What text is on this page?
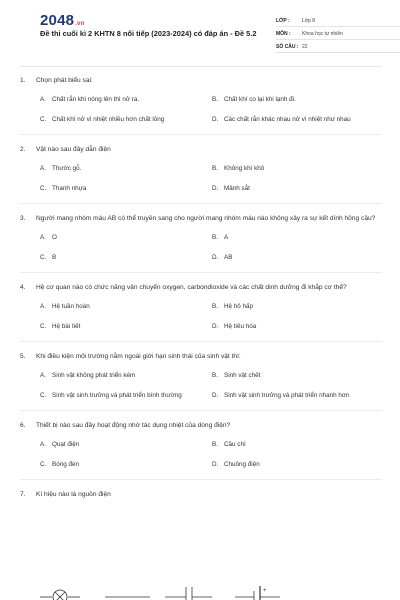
2048.vn
Đề thi cuối kì 2 KHTN 8 nối tiếp (2023-2024) có đáp án - Đề 5.2
LỚP :	Lớp 8
MÔN :	Khoa học tự nhiên
SỐ CÂU : 22
1.	Chọn phát biểu sai:
A. Chất rắn khi nóng lên thì nở ra.	B. Chất khí co lại khi lạnh đi.
C. Chất khí nở vì nhiệt nhiều hơn chất lỏng	D. Các chất rắn khác nhau nở vì nhiệt như nhau
2.	Vật nào sau đây dẫn điện
A. Thước gỗ.	B. Không khí khô
C. Thanh nhựa	D. Mảnh sắt
3.	Người mang nhóm máu AB có thể truyền sang cho người mang nhóm máu nào không xảy ra sự kết dính hồng cầu?
A. O	B. A
C. B	D. AB
4.	Hệ cơ quan nào có chức năng vận chuyển oxygen, carbondioxide và các chất dinh dưỡng đi khắp cơ thể?
A. Hệ tuần hoàn	B. Hệ hô hấp
C. Hệ bài tiết	D. Hệ tiêu hóa
5.	Khi điều kiện môi trường nằm ngoài giới hạn sinh thái của sinh vật thì:
A. Sinh vật không phát triển kém	B. Sinh vật chết
C. Sinh vật sinh trưởng và phát triển bình thường	D. Sinh vật sinh trưởng và phát triển nhanh hơn
6.	Thiết bị nào sau đây hoạt động nhờ tác dụng nhiệt của dòng điện?
A. Quạt điện	B. Cầu chì
C. Bóng đèn	D. Chuông điện
7.	Kí hiệu nào là nguồn điện
+
